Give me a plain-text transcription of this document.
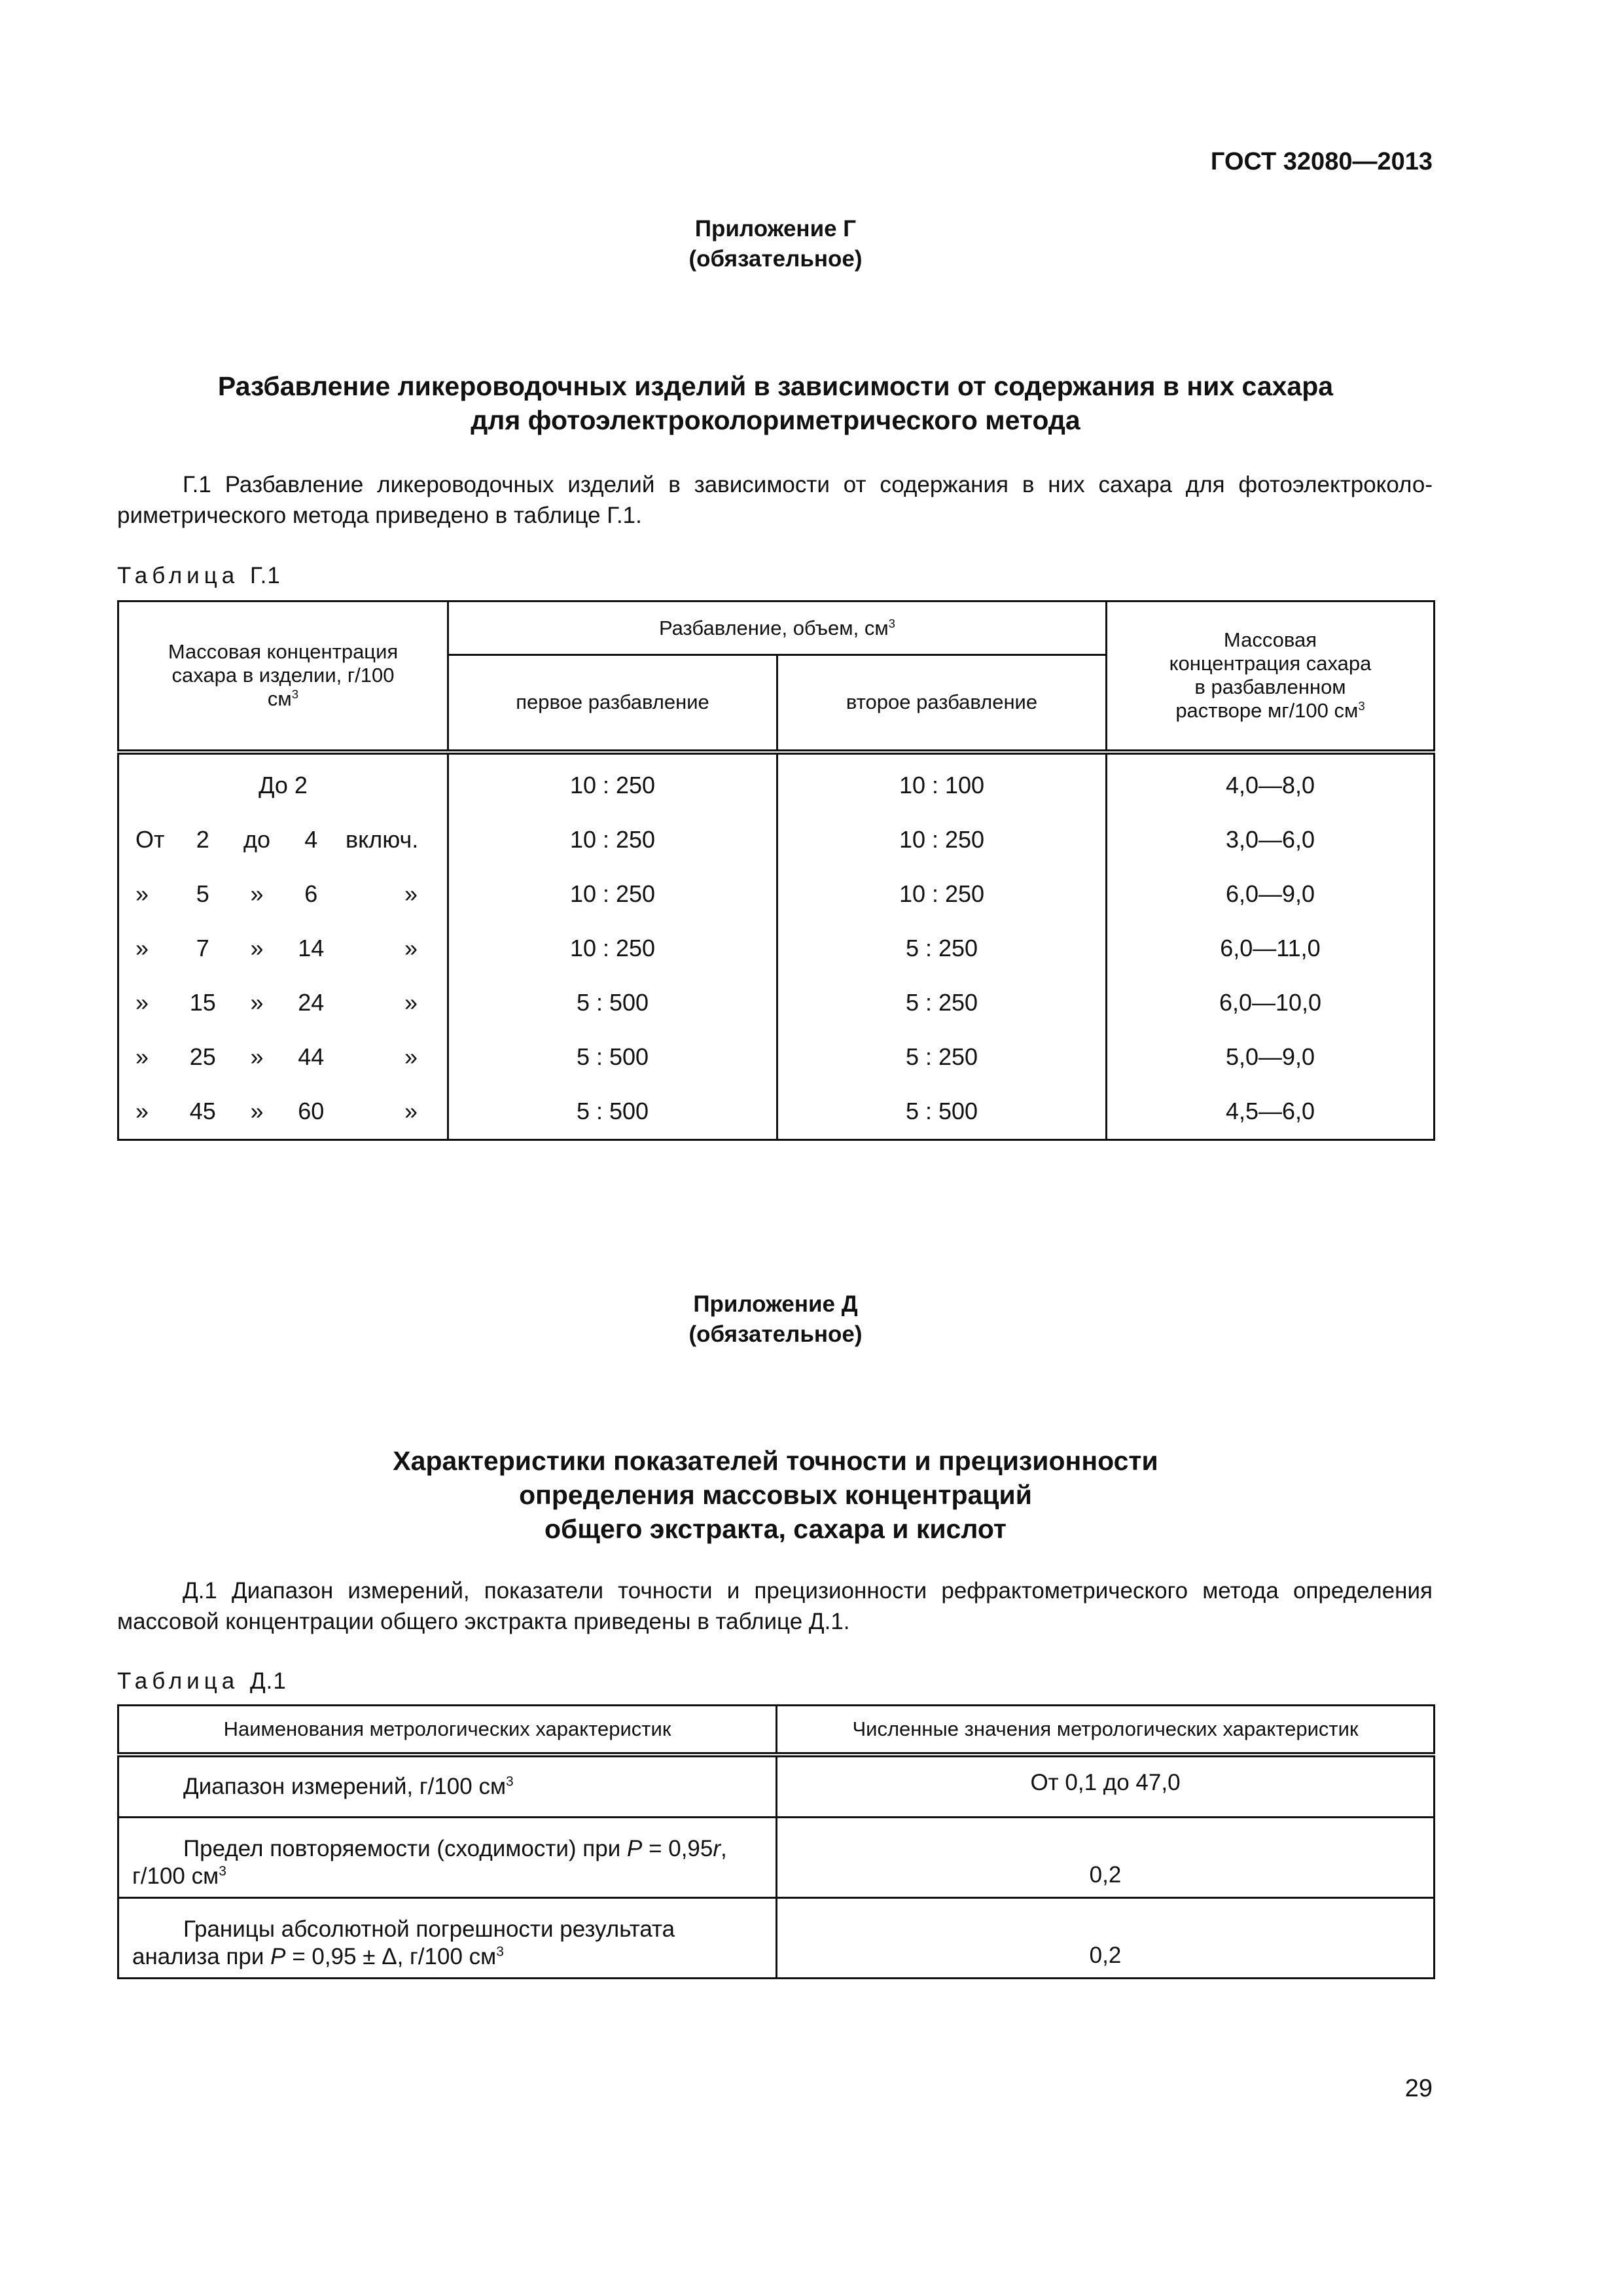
ГОСТ 32080—2013
Приложение Г
(обязательное)
Разбавление ликероводочных изделий в зависимости от содержания в них сахара
для фотоэлектроколориметрического метода
Г.1 Разбавление ликероводочных изделий в зависимости от содержания в них сахара для фотоэлектроколориметрического метода приведено в таблице Г.1.
Таблица Г.1
Массовая концентрация сахара в изделии, г/100 $см^3$	Разбавление, объем, $см^3$		Массовая концентрация сахара в разбавленном растворе мг/100 $см^3$

	первое разбавление	второе разбавление	
До 2	10 : 250	10 : 100	4,0—8,0

От 2 до 4 включ.	10 : 250	10 : 250	3,0—6,0

» 5 » 6 »	10 : 250	10 : 250	6,0—9,0

» 7 » 14 »	10 : 250	5 : 250	6,0—11,0

» 15 » 24 »	5 : 500	5 : 250	6,0—10,0

» 25 » 44 »	5 : 500	5 : 250	5,0—9,0

» 45 » 60 »	5 : 500	5 : 500	4,5—6,0
Приложение Д
(обязательное)
Характеристики показателей точности и прецизионности
определения массовых концентраций
общего экстракта, сахара и кислот
Д.1 Диапазон измерений, показатели точности и прецизионности рефрактометрического метода определения массовой концентрации общего экстракта приведены в таблице Д.1.
Таблица Д.1
Наименования метрологических характеристик	Численные значения метрологических характеристик
Диапазон измерений, г/100 $см^3$	От 0,1 до 47,0
Предел повторяемости (сходимости) при P = 0,95r, г/100 $см^3$	0,2
Границы абсолютной погрешности результата анализа при P = 0,95 ± Δ, г/100 $см^3$	0,2
29
